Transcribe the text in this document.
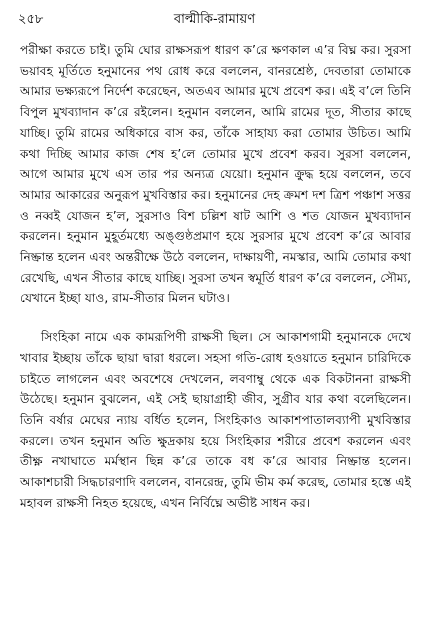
২৫৮	বাল্মীকি-রামায়ণ

পরীক্ষা করতে চাই। তুমি ঘোর রাক্ষসরূপ ধারণ ক’রে ক্ষণকাল এ’র বিঘ্ন কর। সুরসা ভয়াবহ মূর্তিতে হনুমানের পথ রোধ করে বললেন, বানরশ্রেষ্ঠ, দেবতারা তোমাকে আমার ভক্ষ্যরূপে নির্দেশ করেছেন, অতএব আমার মুখে প্রবেশ কর। এই ব’লে তিনি বিপুল মুখব্যাদান ক’রে রইলেন। হনুমান বললেন, আমি রামের দূত, সীতার কাছে যাচ্ছি। তুমি রামের অধিকারে বাস কর, তাঁকে সাহায্য করা তোমার উচিত। আমি কথা দিচ্ছি আমার কাজ শেষ হ’লে তোমার মুখে প্রবেশ করব। সুরসা বললেন, আগে আমার মুখে এস তার পর অন্যত্র যেয়ো। হনুমান ক্রুদ্ধ হয়ে বললেন, তবে আমার আকারের অনুরূপ মুখবিস্তার কর। হনুমানের দেহ ক্রমশ দশ ত্রিশ পঞ্চাশ সত্তর ও নব্বই যোজন হ’ল, সুরসাও বিশ চল্লিশ ষাট আশি ও শত যোজন মুখব্যাদান করলেন। হনুমান মুহূর্তমধ্যে অঙ্গুষ্ঠপ্রমাণ হয়ে সুরসার মুখে প্রবেশ ক’রে আবার নিষ্ক্রান্ত হলেন এবং অন্তরীক্ষে উঠে বললেন, দাক্ষায়ণী, নমস্কার, আমি তোমার কথা রেখেছি, এখন সীতার কাছে যাচ্ছি। সুরসা তখন স্বমূর্তি ধারণ ক’রে বললেন, সৌম্য, যেখানে ইচ্ছা যাও, রাম-সীতার মিলন ঘটাও।

সিংহিকা নামে এক কামরূপিণী রাক্ষসী ছিল। সে আকাশগামী হনুমানকে দেখে খাবার ইচ্ছায় তাঁকে ছায়া দ্বারা ধরলে। সহসা গতি-রোধ হওয়াতে হনুমান চারিদিকে চাইতে লাগলেন এবং অবশেষে দেখলেন, লবণাম্বু থেকে এক বিকটাননা রাক্ষসী উঠেছে। হনুমান বুঝলেন, এই সেই ছায়াগ্রাহী জীব, সুগ্রীব যার কথা বলেছিলেন। তিনি বর্ষার মেঘের ন্যায় বর্ধিত হলেন, সিংহিকাও আকাশপাতালব্যাপী মুখবিস্তার করলে। তখন হনুমান অতি ক্ষুদ্রকায় হয়ে সিংহিকার শরীরে প্রবেশ করলেন এবং তীক্ষ্ণ নখাঘাতে মর্মস্থান ছিন্ন ক’রে তাকে বধ ক’রে আবার নিষ্ক্রান্ত হলেন। আকাশচারী সিদ্ধচারণাদি বললেন, বানরেন্দ্র, তুমি ভীম কর্ম করেছ, তোমার হস্তে এই মহাবল রাক্ষসী নিহত হয়েছে, এখন নির্বিঘ্নে অভীষ্ট সাধন কর।
